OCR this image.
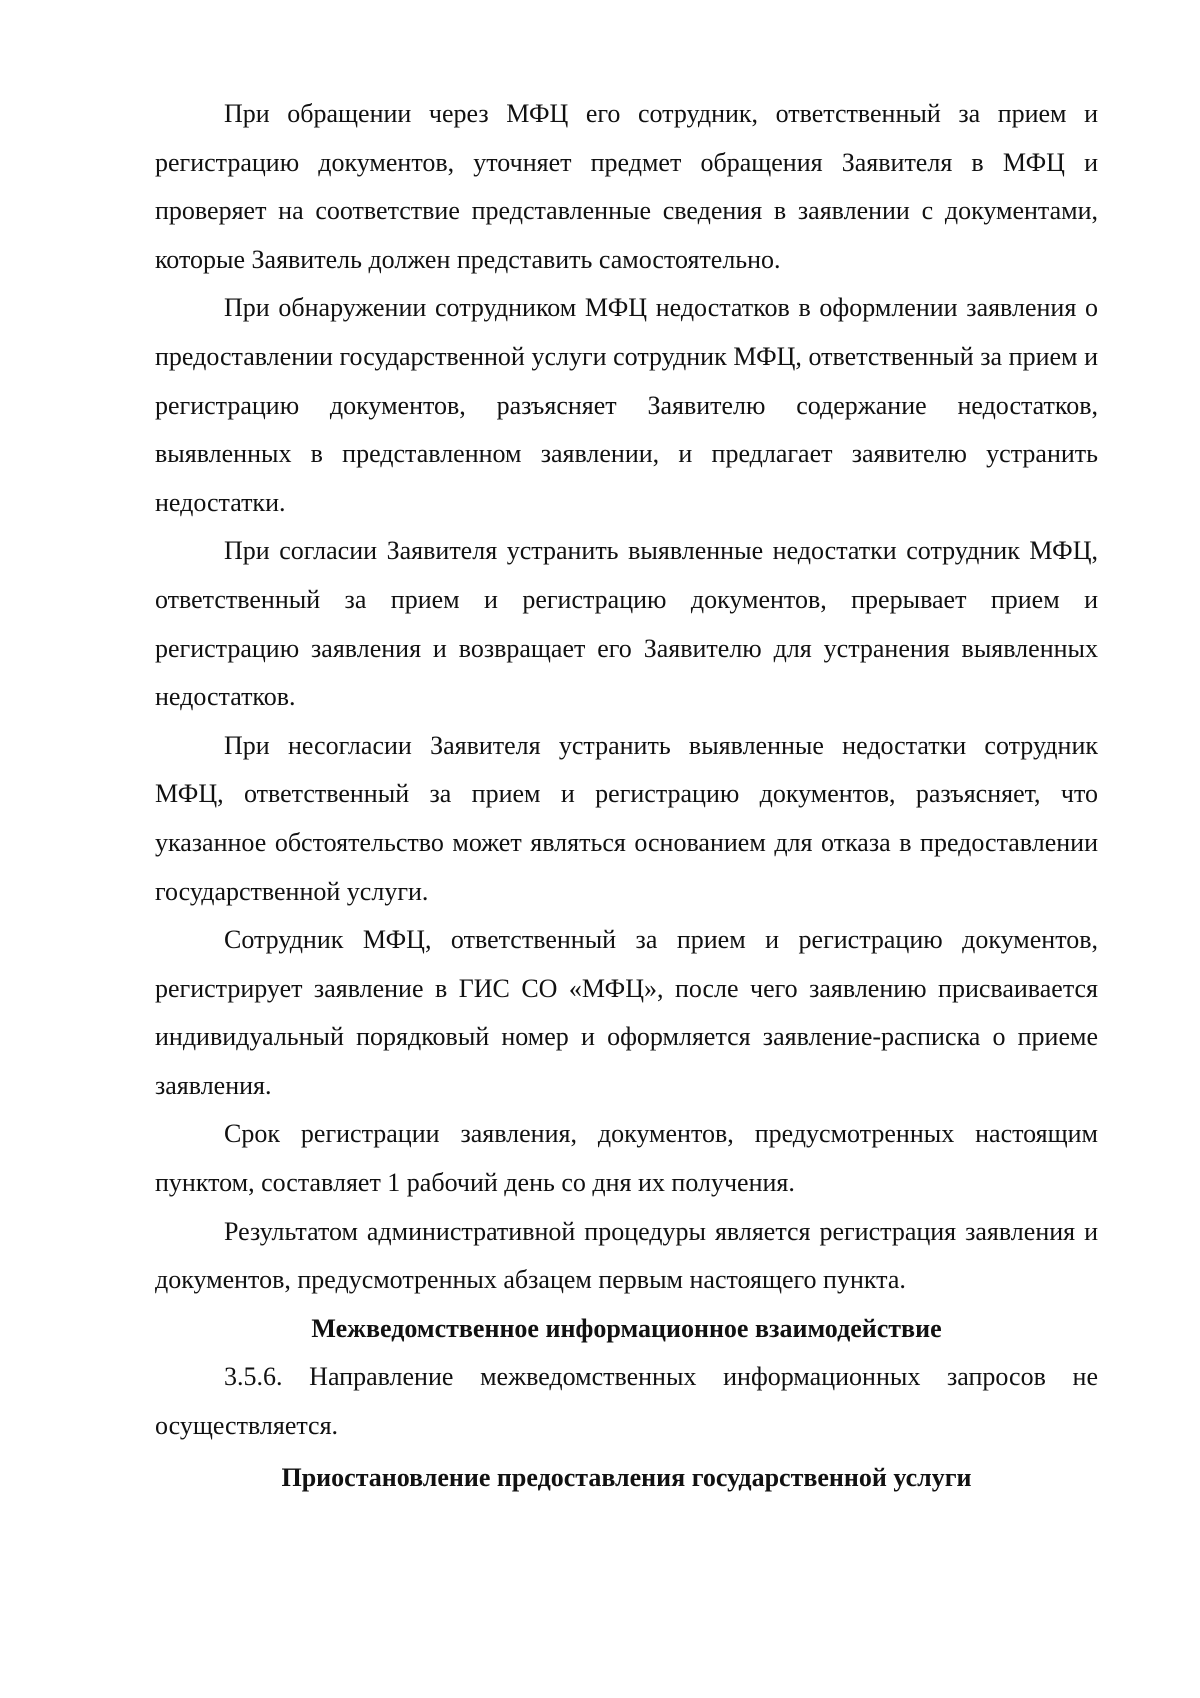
При обращении через МФЦ его сотрудник, ответственный за прием и регистрацию документов, уточняет предмет обращения Заявителя в МФЦ и проверяет на соответствие представленные сведения в заявлении с документами, которые Заявитель должен представить самостоятельно.

При обнаружении сотрудником МФЦ недостатков в оформлении заявления о предоставлении государственной услуги сотрудник МФЦ, ответственный за прием и регистрацию документов, разъясняет Заявителю содержание недостатков, выявленных в представленном заявлении, и предлагает заявителю устранить недостатки.

При согласии Заявителя устранить выявленные недостатки сотрудник МФЦ, ответственный за прием и регистрацию документов, прерывает прием и регистрацию заявления и возвращает его Заявителю для устранения выявленных недостатков.

При несогласии Заявителя устранить выявленные недостатки сотрудник МФЦ, ответственный за прием и регистрацию документов, разъясняет, что указанное обстоятельство может являться основанием для отказа в предоставлении государственной услуги.

Сотрудник МФЦ, ответственный за прием и регистрацию документов, регистрирует заявление в ГИС СО «МФЦ», после чего заявлению присваивается индивидуальный порядковый номер и оформляется заявление-расписка о приеме заявления.

Срок регистрации заявления, документов, предусмотренных настоящим пунктом, составляет 1 рабочий день со дня их получения.

Результатом административной процедуры является регистрация заявления и документов, предусмотренных абзацем первым настоящего пункта.

Межведомственное информационное взаимодействие

3.5.6. Направление межведомственных информационных запросов не осуществляется.

Приостановление предоставления государственной услуги
